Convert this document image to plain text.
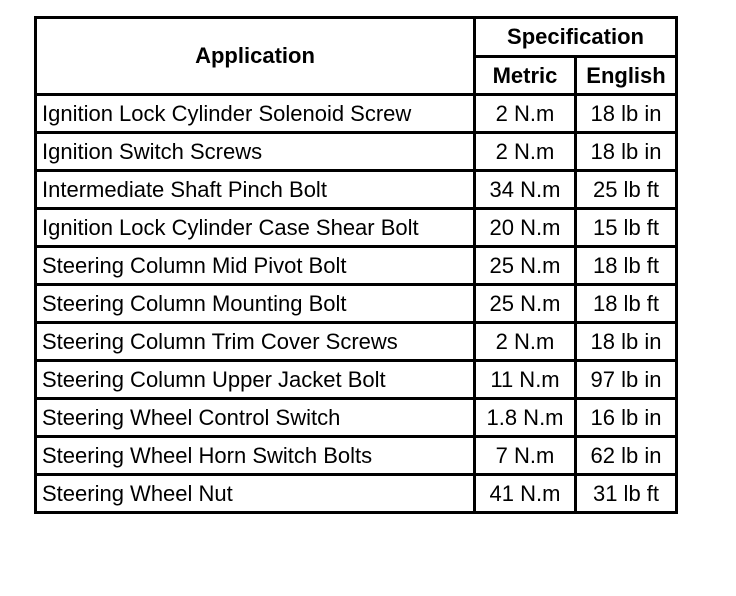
Application	Specification	
	Metric	English
Ignition Lock Cylinder Solenoid Screw	2 N.m	18 lb in
Ignition Switch Screws	2 N.m	18 lb in
Intermediate Shaft Pinch Bolt	34 N.m	25 lb ft
Ignition Lock Cylinder Case Shear Bolt	20 N.m	15 lb ft
Steering Column Mid Pivot Bolt	25 N.m	18 lb ft
Steering Column Mounting Bolt	25 N.m	18 lb ft
Steering Column Trim Cover Screws	2 N.m	18 lb in
Steering Column Upper Jacket Bolt	11 N.m	97 lb in
Steering Wheel Control Switch	1.8 N.m	16 lb in
Steering Wheel Horn Switch Bolts	7 N.m	62 lb in
Steering Wheel Nut	41 N.m	31 lb ft
